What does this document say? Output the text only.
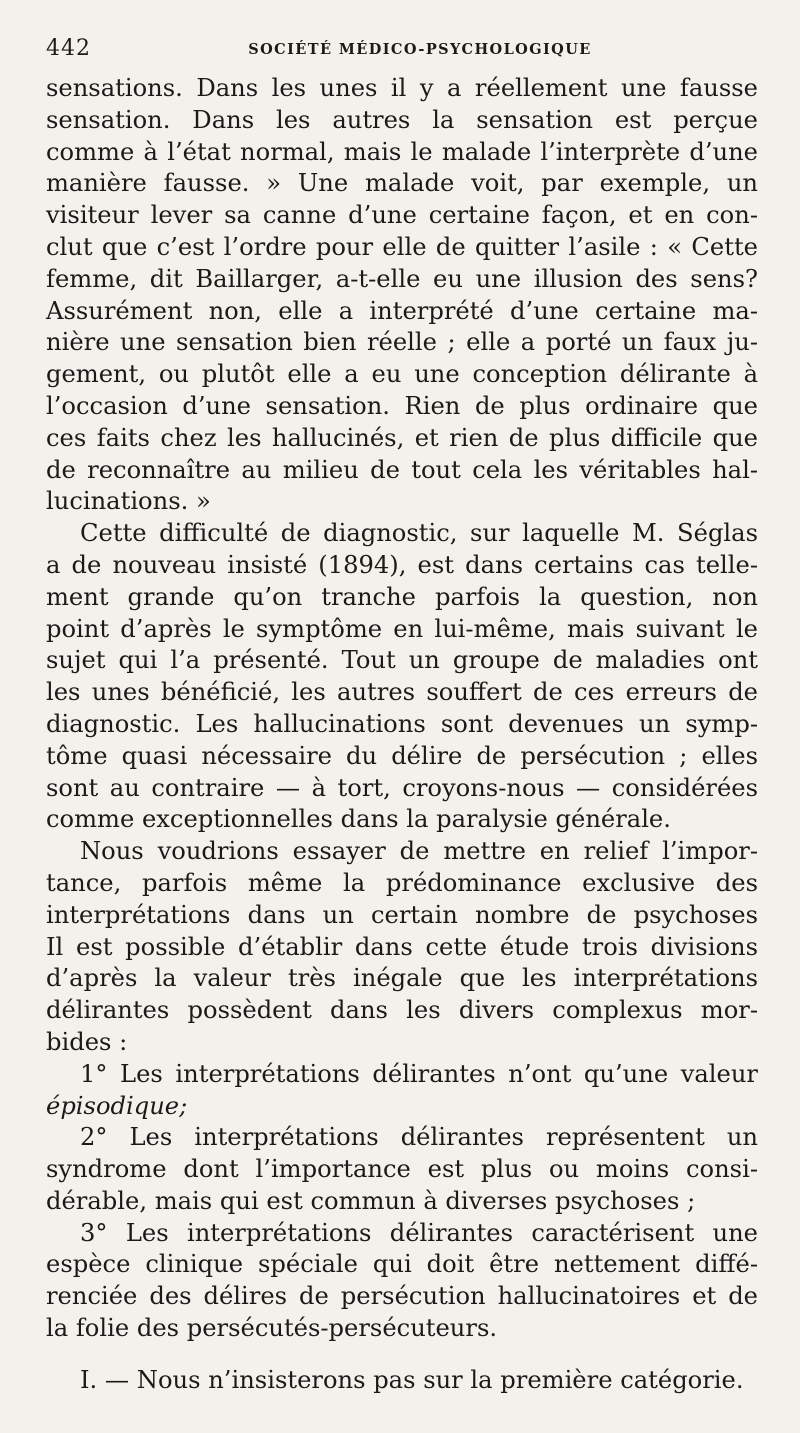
442	SOCIÉTÉ MÉDICO-PSYCHOLOGIQUE
sensations. Dans les unes il y a réellement une fausse
sensation. Dans les autres la sensation est perçue
comme à l’état normal, mais le malade l’interprète d’une
manière fausse. » Une malade voit, par exemple, un
visiteur lever sa canne d’une certaine façon, et en con-
clut que c’est l’ordre pour elle de quitter l’asile : « Cette
femme, dit Baillarger, a-t-elle eu une illusion des sens?
Assurément non, elle a interprété d’une certaine ma-
nière une sensation bien réelle ; elle a porté un faux ju-
gement, ou plutôt elle a eu une conception délirante à
l’occasion d’une sensation. Rien de plus ordinaire que
ces faits chez les hallucinés, et rien de plus difficile que
de reconnaître au milieu de tout cela les véritables hal-
lucinations. »
Cette difficulté de diagnostic, sur laquelle M. Séglas
a de nouveau insisté (1894), est dans certains cas telle-
ment grande qu’on tranche parfois la question, non
point d’après le symptôme en lui-même, mais suivant le
sujet qui l’a présenté. Tout un groupe de maladies ont
les unes bénéficié, les autres souffert de ces erreurs de
diagnostic. Les hallucinations sont devenues un symp-
tôme quasi nécessaire du délire de persécution ; elles
sont au contraire — à tort, croyons-nous — considérées
comme exceptionnelles dans la paralysie générale.
Nous voudrions essayer de mettre en relief l’impor-
tance, parfois même la prédominance exclusive des
interprétations dans un certain nombre de psychoses
Il est possible d’établir dans cette étude trois divisions
d’après la valeur très inégale que les interprétations
délirantes possèdent dans les divers complexus mor-
bides :
1° Les interprétations délirantes n’ont qu’une valeur
épisodique;
2° Les interprétations délirantes représentent un
syndrome dont l’importance est plus ou moins consi-
dérable, mais qui est commun à diverses psychoses ;
3° Les interprétations délirantes caractérisent une
espèce clinique spéciale qui doit être nettement diffé-
renciée des délires de persécution hallucinatoires et de
la folie des persécutés-persécuteurs.
I. — Nous n’insisterons pas sur la première catégorie.
